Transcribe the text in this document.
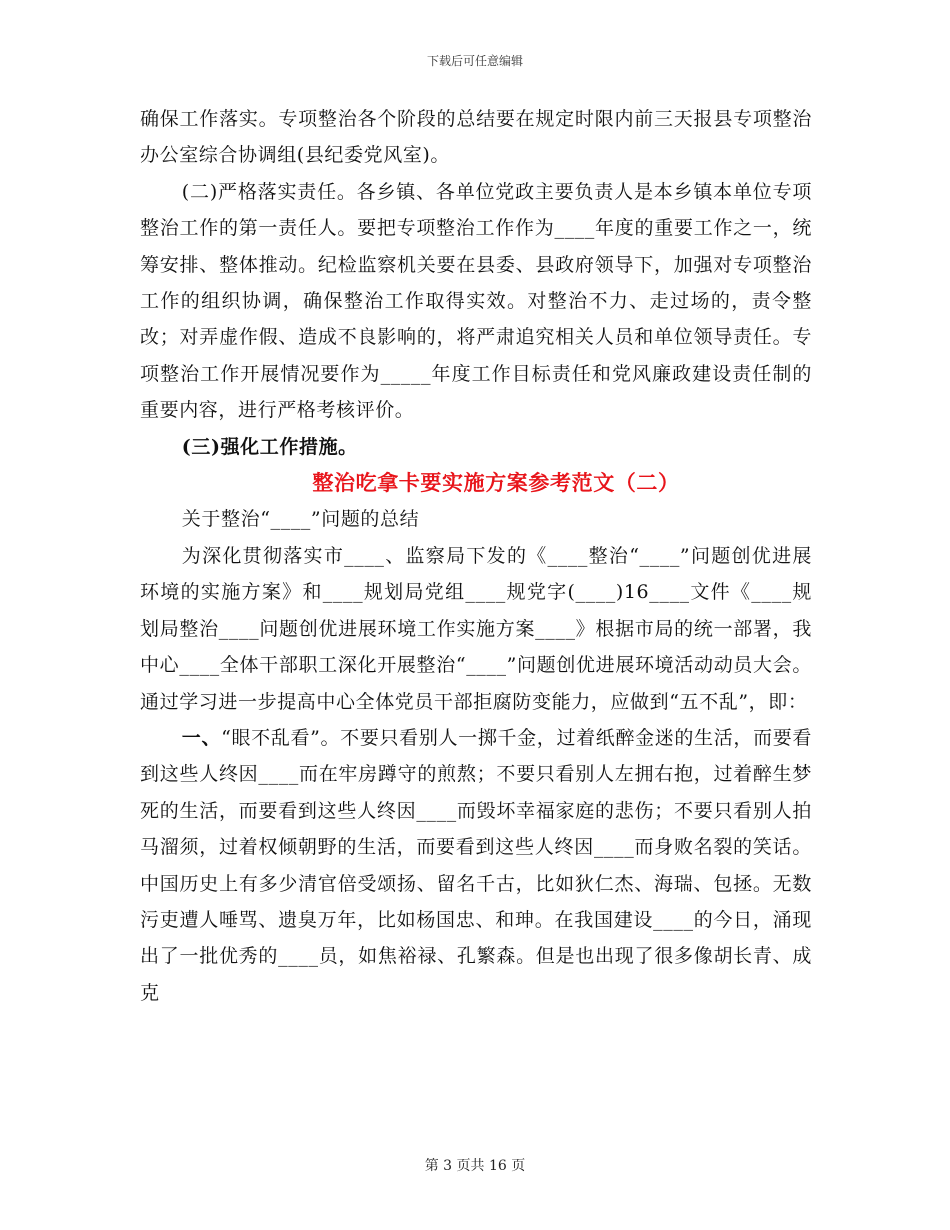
下载后可任意编辑

确保工作落实。专项整治各个阶段的总结要在规定时限内前三天报县专项整治办公室综合协调组(县纪委党风室)。

(二)严格落实责任。各乡镇、各单位党政主要负责人是本乡镇本单位专项整治工作的第一责任人。要把专项整治工作作为____年度的重要工作之一，统筹安排、整体推动。纪检监察机关要在县委、县政府领导下，加强对专项整治工作的组织协调，确保整治工作取得实效。对整治不力、走过场的，责令整改；对弄虚作假、造成不良影响的，将严肃追究相关人员和单位领导责任。专项整治工作开展情况要作为_____年度工作目标责任和党风廉政建设责任制的重要内容，进行严格考核评价。

(三)强化工作措施。

整治吃拿卡要实施方案参考范文（二）

关于整治“____”问题的总结

为深化贯彻落实市____、监察局下发的《____整治“____”问题创优进展环境的实施方案》和____规划局党组____规党字(____)16____文件《____规划局整治____问题创优进展环境工作实施方案____》根据市局的统一部署，我中心____全体干部职工深化开展整治“____”问题创优进展环境活动动员大会。通过学习进一步提高中心全体党员干部拒腐防变能力，应做到“五不乱”，即：

一、“眼不乱看”。不要只看别人一掷千金，过着纸醉金迷的生活，而要看到这些人终因____而在牢房蹲守的煎熬；不要只看别人左拥右抱，过着醉生梦死的生活，而要看到这些人终因____而毁坏幸福家庭的悲伤；不要只看别人拍马溜须，过着权倾朝野的生活，而要看到这些人终因____而身败名裂的笑话。中国历史上有多少清官倍受颂扬、留名千古，比如狄仁杰、海瑞、包拯。无数污吏遭人唾骂、遗臭万年，比如杨国忠、和珅。在我国建设____的今日，涌现出了一批优秀的____员，如焦裕禄、孔繁森。但是也出现了很多像胡长青、成克

第 3 页共 16 页
